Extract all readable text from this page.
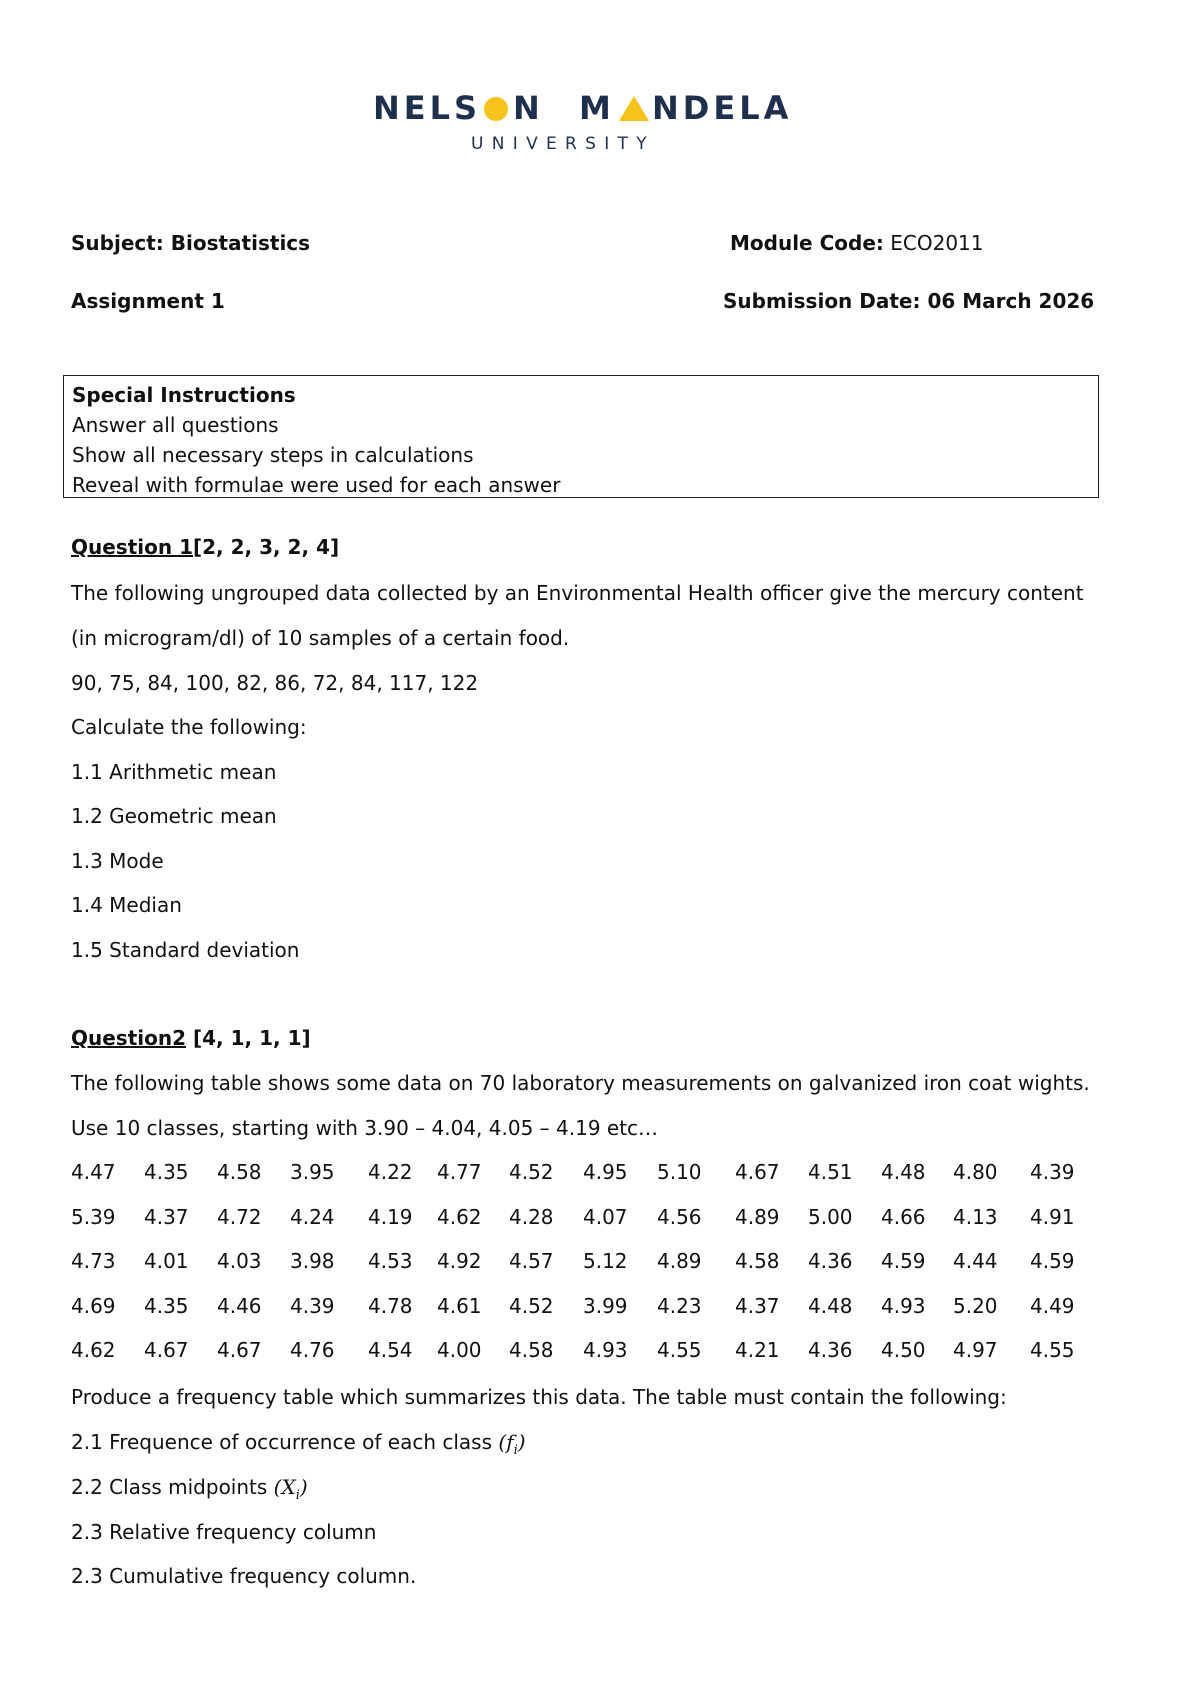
NELS N M NDELA
UNIVERSITY
Subject: Biostatistics	Module Code: ECO2011
Assignment 1	Submission Date: 06 March 2026
Special Instructions
Answer all questions
Show all necessary steps in calculations
Reveal with formulae were used for each answer
Question 1[2, 2, 3, 2, 4]
The following ungrouped data collected by an Environmental Health officer give the mercury content
(in microgram/dl) of 10 samples of a certain food.
90, 75, 84, 100, 82, 86, 72, 84, 117, 122
Calculate the following:
1.1 Arithmetic mean
1.2 Geometric mean
1.3 Mode
1.4 Median
1.5 Standard deviation
Question2 [4, 1, 1, 1]
The following table shows some data on 70 laboratory measurements on galvanized iron coat wights.
Use 10 classes, starting with 3.90 – 4.04, 4.05 – 4.19 etc…
4.47 4.35 4.58 3.95 4.22 4.77 4.52 4.95 5.10 4.67 4.51 4.48 4.80 4.39
5.39 4.37 4.72 4.24 4.19 4.62 4.28 4.07 4.56 4.89 5.00 4.66 4.13 4.91
4.73 4.01 4.03 3.98 4.53 4.92 4.57 5.12 4.89 4.58 4.36 4.59 4.44 4.59
4.69 4.35 4.46 4.39 4.78 4.61 4.52 3.99 4.23 4.37 4.48 4.93 5.20 4.49
4.62 4.67 4.67 4.76 4.54 4.00 4.58 4.93 4.55 4.21 4.36 4.50 4.97 4.55
Produce a frequency table which summarizes this data. The table must contain the following:
2.1 Frequence of occurrence of each class $(f_i)$
2.2 Class midpoints $(X_i)$
2.3 Relative frequency column
2.3 Cumulative frequency column.
